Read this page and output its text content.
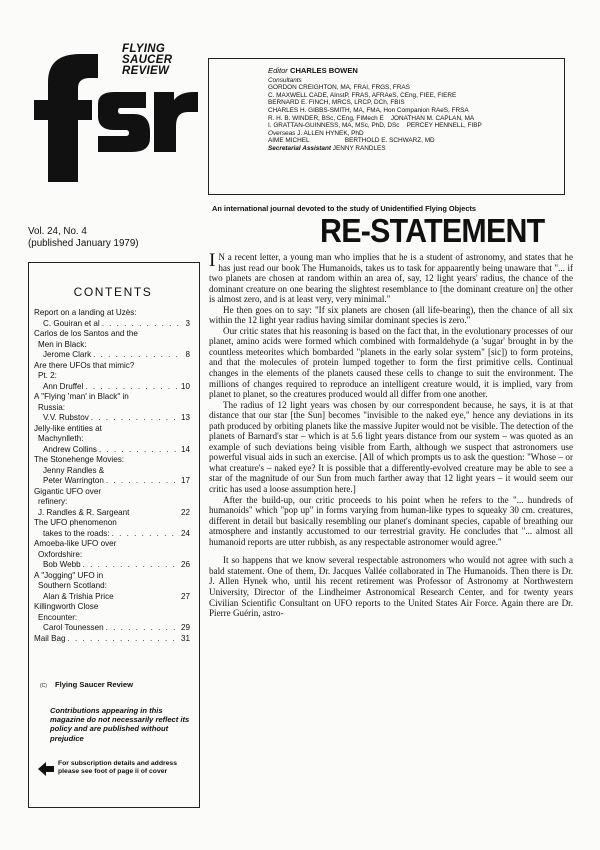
FLYING
SAUCER
REVIEW	Editor CHARLES BOWEN
Consultants
GORDON CREIGHTON, MA, FRAI, FRGS, FRAS
C. MAXWELL CADE, AInstP, FRAS, AFRAeS, CEng, FIEE, FIERE
BERNARD E. FINCH, MRCS, LRCP, DCh, FBIS
CHARLES H. GIBBS-SMITH, MA, FMA, Hon Companion RAeS, FRSA
R. H. B. WINDER, BSc, CEng, FIMech E    JONATHAN M. CAPLAN, MA
I. GRATTAN-GUINNESS, MA, MSc, PhD, DSc    PERCEY HENNELL, FIBP
Overseas J. ALLEN HYNEK, PhD
AIME MICHEL                    BERTHOLD E. SCHWARZ, MD
Secretarial Assistant JENNY RANDLES
An international journal devoted to the study of Unidentified Flying Objects
Vol. 24, No. 4
(published January 1979)	RE-STATEMENT
CONTENTS
Report on a landing at Uzès:
C. Gouiran et al . . .	3
Carlos de los Santos and the
Men in Black:
Jerome Clark . . .	8
Are there UFOs that mimic?
Pt. 2:
Ann Druffel . . .	10
A "Flying 'man' in Black" in
Russia:
V.V. Rubstov . . .	13
Jelly-like entities at
Machynlleth:
Andrew Collins . . .	14
The Stonehenge Movies:
Jenny Randles &
Peter Warrington . . .	17
Gigantic UFO over
refinery:
J. Randles & R. Sargeant	22
The UFO phenomenon
takes to the roads: . . .	24
Amoeba-like UFO over
Oxfordshire:
Bob Webb . . .	26
A "Jogging" UFO in
Southern Scotland:
Alan & Trishia Price	27
Killingworth Close
Encounter:
Carol Tounessen . . .	29
Mail Bag . . .	31
(C) Flying Saucer Review
Contributions appearing in this magazine do not necessarily reflect its policy and are published without prejudice
For subscription details and address please see foot of page ii of cover

I N a recent letter, a young man who implies that he is a student of astronomy, and states that he has just read our book The Humanoids, takes us to task for appaarently being unaware that "... if two planets are chosen at random within an area of, say, 12 light years' radius, the chance of the dominant creature on one bearing the slightest resemblance to [the dominant creature on] the other is almost zero, and is at least very, very minimal."

He then goes on to say: "If six planets are chosen (all life-bearing), then the chance of all six within the 12 light year radius having similar dominant species is zero."

Our critic states that his reasoning is based on the fact that, in the evolutionary processes of our planet, amino acids were formed which combined with formaldehyde (a 'sugar' brought in by the countless meteorites which bombarded "planets in the early solar system" [sic]) to form proteins, and that the molecules of protein lumped together to form the first primitive cells. Continual changes in the elements of the planets caused these cells to change to suit the environment. The millions of changes required to reproduce an intelligent creature would, it is implied, vary from planet to planet, so the creatures produced would all differ from one another.

The radius of 12 light years was chosen by our correspondent because, he says, it is at that distance that our star [the Sun] becomes "invisible to the naked eye," hence any deviations in its path produced by orbiting planets like the massive Jupiter would not be visible. The detection of the planets of Barnard's star – which is at 5.6 light years distance from our system – was quoted as an example of such deviations being visible from Earth, although we suspect that astronomers use powerful visual aids in such an exercise. [All of which prompts us to ask the question: "Whose – or what creature's – naked eye? It is possible that a differently-evolved creature may be able to see a star of the magnitude of our Sun from much farther away that 12 light years – it would seem our critic has used a loose assumption here.]

After the build-up, our critic proceeds to his point when he refers to the "... hundreds of humanoids" which "pop up" in forms varying from human-like types to squeaky 30 cm. creatures, different in detail but basically resembling our planet's dominant species, capable of breathing our atmosphere and instantly accustomed to our terrestrial gravity. He concludes that "... almost all humanoid reports are utter rubbish, as any respectable astronomer would agree."

It so happens that we know several respectable astronomers who would not agree with such a bald statement. One of them, Dr. Jacques Vallée collaborated in The Humanoids. Then there is Dr. J. Allen Hynek who, until his recent retirement was Professor of Astronomy at Northwestern University, Director of the Lindheimer Astronomical Research Center, and for twenty years Civilian Scientific Consultant on UFO reports to the United States Air Force. Again there are Dr. Pierre Guérin, astro-
